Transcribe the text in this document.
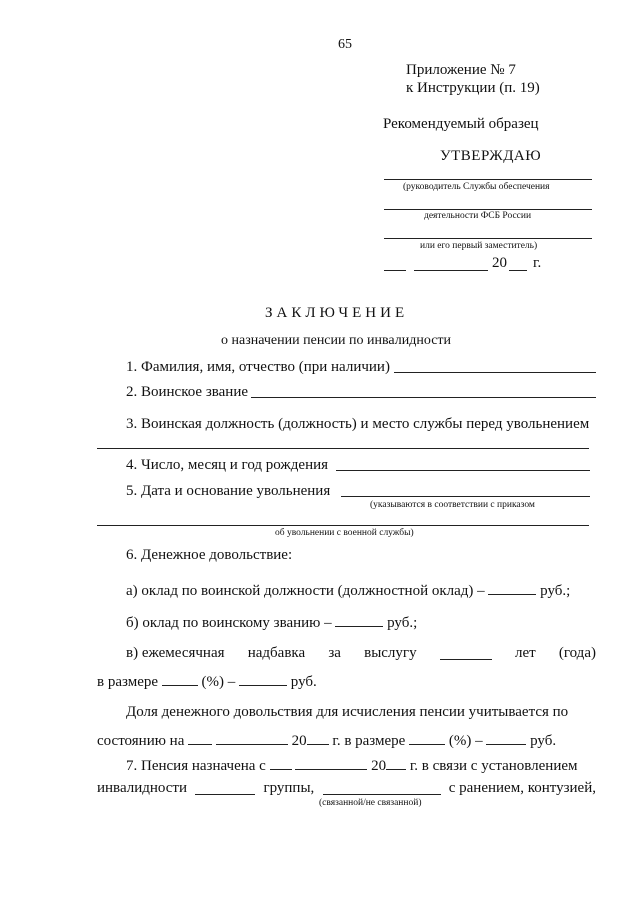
65
Приложение № 7
к Инструкции (п. 19)
Рекомендуемый образец
УТВЕРЖДАЮ
(руководитель Службы обеспечения
деятельности ФСБ России
или его первый заместитель)
20 г.
ЗАКЛЮЧЕНИЕ
о назначении пенсии по инвалидности
1. Фамилия, имя, отчество (при наличии)
2. Воинское звание
3. Воинская должность (должность) и место службы перед увольнением
4. Число, месяц и год рождения
5. Дата и основание увольнения
(указываются в соответствии с приказом
об увольнении с военной службы)
6. Денежное довольствие:
а) оклад по воинской должности (должностной оклад) –	руб.;
б) оклад по воинскому званию –	руб.;
в) ежемесячная надбавка за выслугу	лет (года)
в размере	(%) –	руб.
Доля денежного довольствия для исчисления пенсии учитывается по
состоянию на	20 г. в размере	(%) –	руб.
7. Пенсия назначена с	20 г. в связи с установлением
инвалидности	группы,	с ранением, контузией,
(связанной/не связанной)
